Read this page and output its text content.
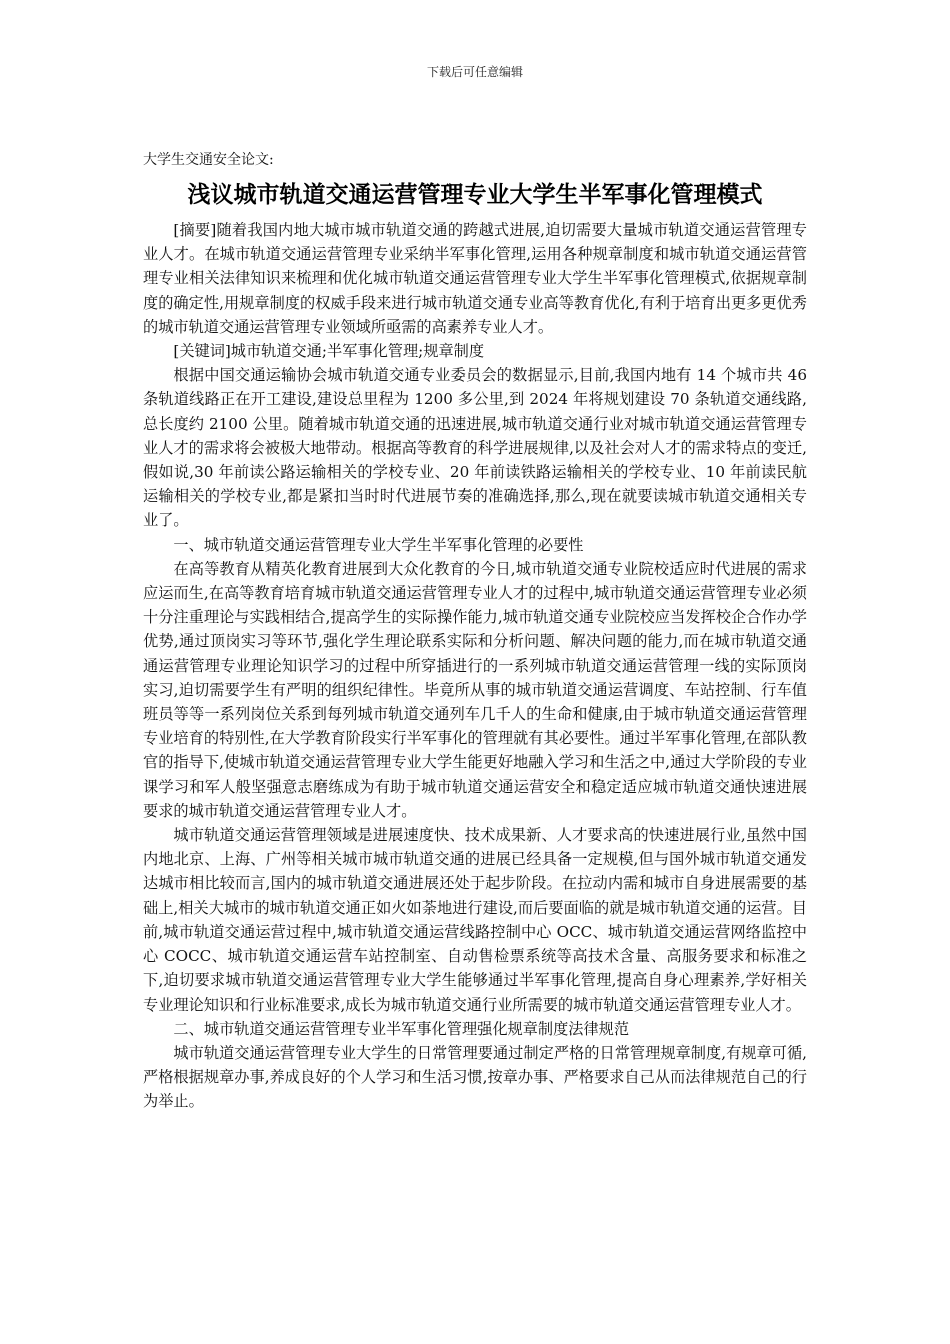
下载后可任意编辑
大学生交通安全论文:
浅议城市轨道交通运营管理专业大学生半军事化管理模式

[摘要]随着我国内地大城市城市轨道交通的跨越式进展,迫切需要大量城市轨道交通运营管理专业人才。在城市轨道交通运营管理专业采纳半军事化管理,运用各种规章制度和城市轨道交通运营管理专业相关法律知识来梳理和优化城市轨道交通运营管理专业大学生半军事化管理模式,依据规章制度的确定性,用规章制度的权威手段来进行城市轨道交通专业高等教育优化,有利于培育出更多更优秀的城市轨道交通运营管理专业领域所亟需的高素养专业人才。

[关键词]城市轨道交通;半军事化管理;规章制度

根据中国交通运输协会城市轨道交通专业委员会的数据显示,目前,我国内地有 14 个城市共 46 条轨道线路正在开工建设,建设总里程为 1200 多公里,到 2024 年将规划建设 70 条轨道交通线路,总长度约 2100 公里。随着城市轨道交通的迅速进展,城市轨道交通行业对城市轨道交通运营管理专业人才的需求将会被极大地带动。根据高等教育的科学进展规律,以及社会对人才的需求特点的变迁,假如说,30 年前读公路运输相关的学校专业、20 年前读铁路运输相关的学校专业、10 年前读民航运输相关的学校专业,都是紧扣当时时代进展节奏的准确选择,那么,现在就要读城市轨道交通相关专业了。

一、城市轨道交通运营管理专业大学生半军事化管理的必要性

在高等教育从精英化教育进展到大众化教育的今日,城市轨道交通专业院校适应时代进展的需求应运而生,在高等教育培育城市轨道交通运营管理专业人才的过程中,城市轨道交通运营管理专业必须十分注重理论与实践相结合,提高学生的实际操作能力,城市轨道交通专业院校应当发挥校企合作办学优势,通过顶岗实习等环节,强化学生理论联系实际和分析问题、解决问题的能力,而在城市轨道交通通运营管理专业理论知识学习的过程中所穿插进行的一系列城市轨道交通运营管理一线的实际顶岗实习,迫切需要学生有严明的组织纪律性。毕竟所从事的城市轨道交通运营调度、车站控制、行车值班员等等一系列岗位关系到每列城市轨道交通列车几千人的生命和健康,由于城市轨道交通运营管理专业培育的特别性,在大学教育阶段实行半军事化的管理就有其必要性。通过半军事化管理,在部队教官的指导下,使城市轨道交通运营管理专业大学生能更好地融入学习和生活之中,通过大学阶段的专业课学习和军人般坚强意志磨练成为有助于城市轨道交通运营安全和稳定适应城市轨道交通快速进展要求的城市轨道交通运营管理专业人才。

城市轨道交通运营管理领域是进展速度快、技术成果新、人才要求高的快速进展行业,虽然中国内地北京、上海、广州等相关城市城市轨道交通的进展已经具备一定规模,但与国外城市轨道交通发达城市相比较而言,国内的城市轨道交通进展还处于起步阶段。在拉动内需和城市自身进展需要的基础上,相关大城市的城市轨道交通正如火如荼地进行建设,而后要面临的就是城市轨道交通的运营。目前,城市轨道交通运营过程中,城市轨道交通运营线路控制中心 OCC、城市轨道交通运营网络监控中心 COCC、城市轨道交通运营车站控制室、自动售检票系统等高技术含量、高服务要求和标准之下,迫切要求城市轨道交通运营管理专业大学生能够通过半军事化管理,提高自身心理素养,学好相关专业理论知识和行业标准要求,成长为城市轨道交通行业所需要的城市轨道交通运营管理专业人才。

二、城市轨道交通运营管理专业半军事化管理强化规章制度法律规范

城市轨道交通运营管理专业大学生的日常管理要通过制定严格的日常管理规章制度,有规章可循,严格根据规章办事,养成良好的个人学习和生活习惯,按章办事、严格要求自己从而法律规范自己的行为举止。
